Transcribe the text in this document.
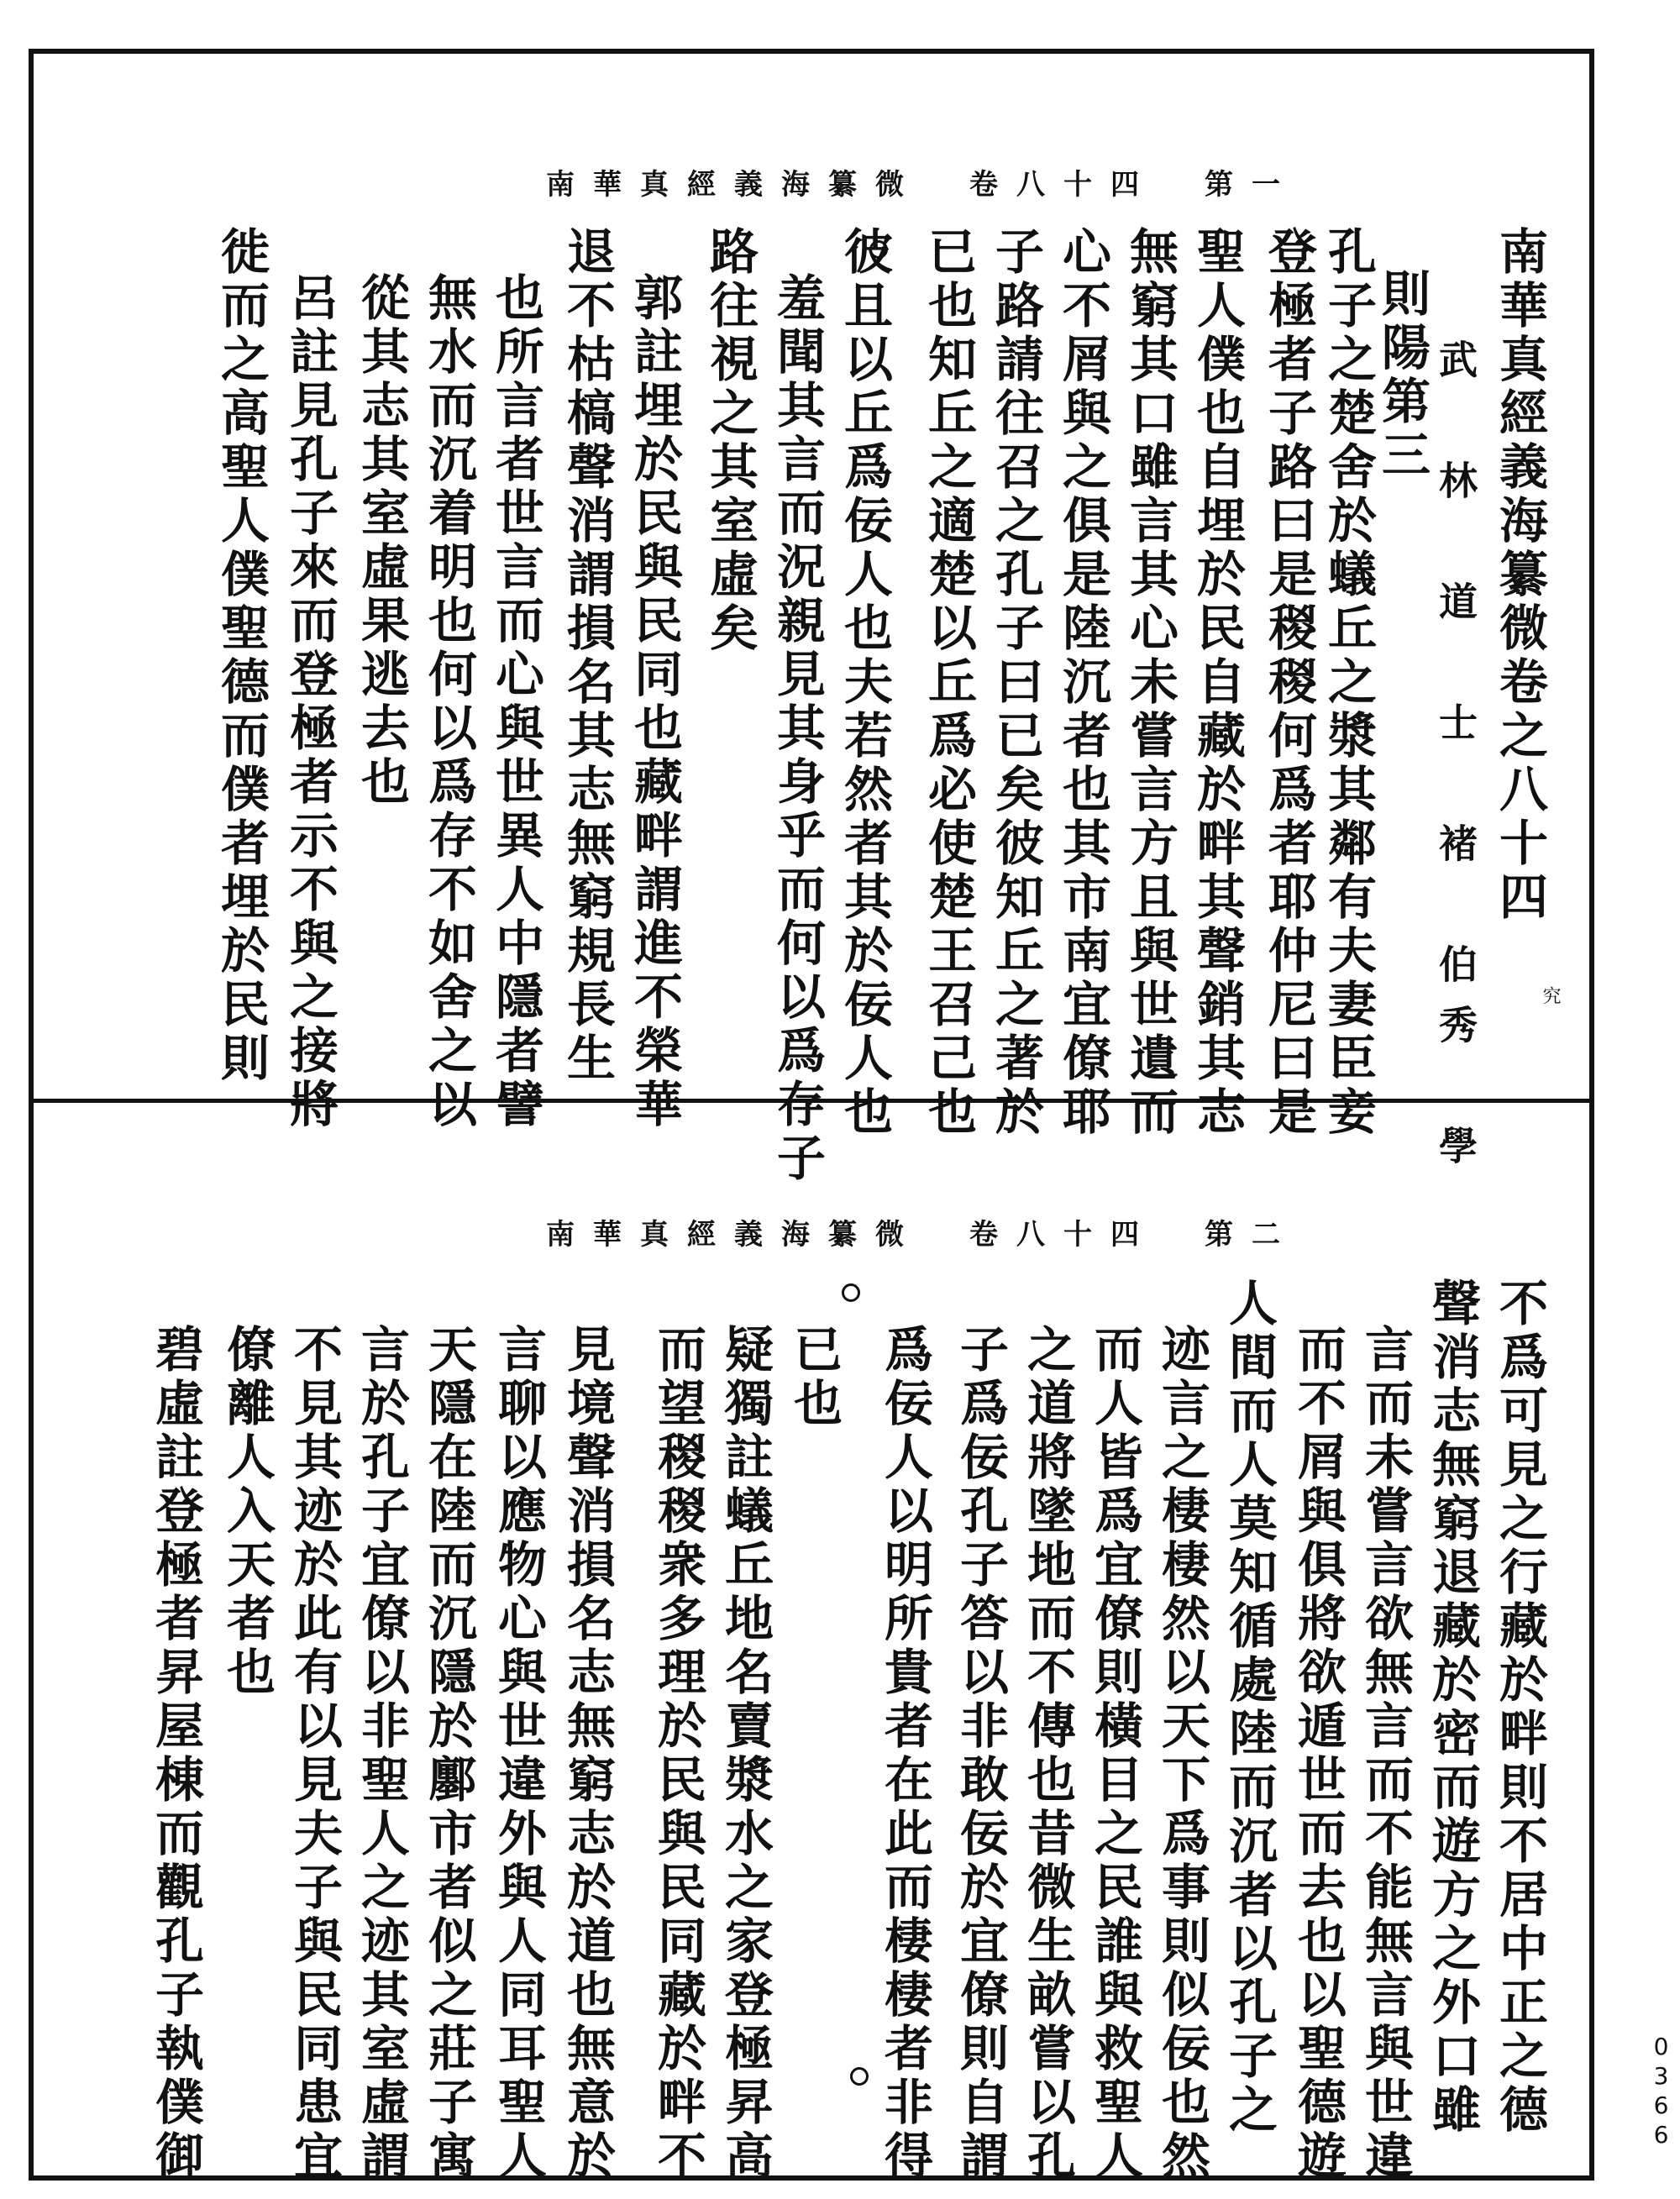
南華真經義海纂微　卷八十四　第一
究
南華真經義海纂微卷之八十四
武　林　道　士　褚　伯秀　學
則陽第三
孔子之楚舍於蟻丘之漿其鄰有夫妻臣妾
登極者子路曰是稯稯何爲者耶仲尼曰是
聖人僕也自埋於民自藏於畔其聲銷其志
無窮其口雖言其心未嘗言方且與世遺而
心不屑與之俱是陸沉者也其市南宜僚耶
子路請往召之孔子曰已矣彼知丘之著於
已也知丘之適楚以丘爲必使楚王召己也
彼且以丘爲佞人也夫若然者其於佞人也
羞聞其言而況親見其身乎而何以爲存子
路往視之其室虛矣
郭註埋於民與民同也藏畔謂進不榮華
退不枯槁聲消謂損名其志無窮規長生
也所言者世言而心與世異人中隱者譬
無水而沉着明也何以爲存不如舍之以
從其志其室虛果逃去也
呂註見孔子來而登極者示不與之接將
徙而之高聖人僕聖德而僕者埋於民則
南華真經義海纂微　卷八十四　第二
不爲可見之行藏於畔則不居中正之德
聲消志無窮退藏於密而遊方之外口雖
言而未嘗言欲無言而不能無言與世違
而不屑與俱將欲遁世而去也以聖德遊
人間而人莫知循處陸而沉者以孔子之
迹言之棲棲然以天下爲事則似佞也然
而人皆爲宜僚則橫目之民誰與救聖人
之道將墜地而不傳也昔微生畝嘗以孔
子爲佞孔子答以非敢佞於宜僚則自謂
爲佞人以明所貴者在此而棲棲者非得
已也
疑獨註蟻丘地名賣漿水之家登極昇高
而望稯稯衆多理於民與民同藏於畔不
見境聲消損名志無窮志於道也無意於
言聊以應物心與世違外與人同耳聖人
天隱在陸而沉隱於鄽市者似之莊子寓
言於孔子宜僚以非聖人之迹其室虛謂
不見其迹於此有以見夫子與民同患宜
僚離人入天者也
碧虛註登極者昇屋棟而觀孔子執僕御	0366
